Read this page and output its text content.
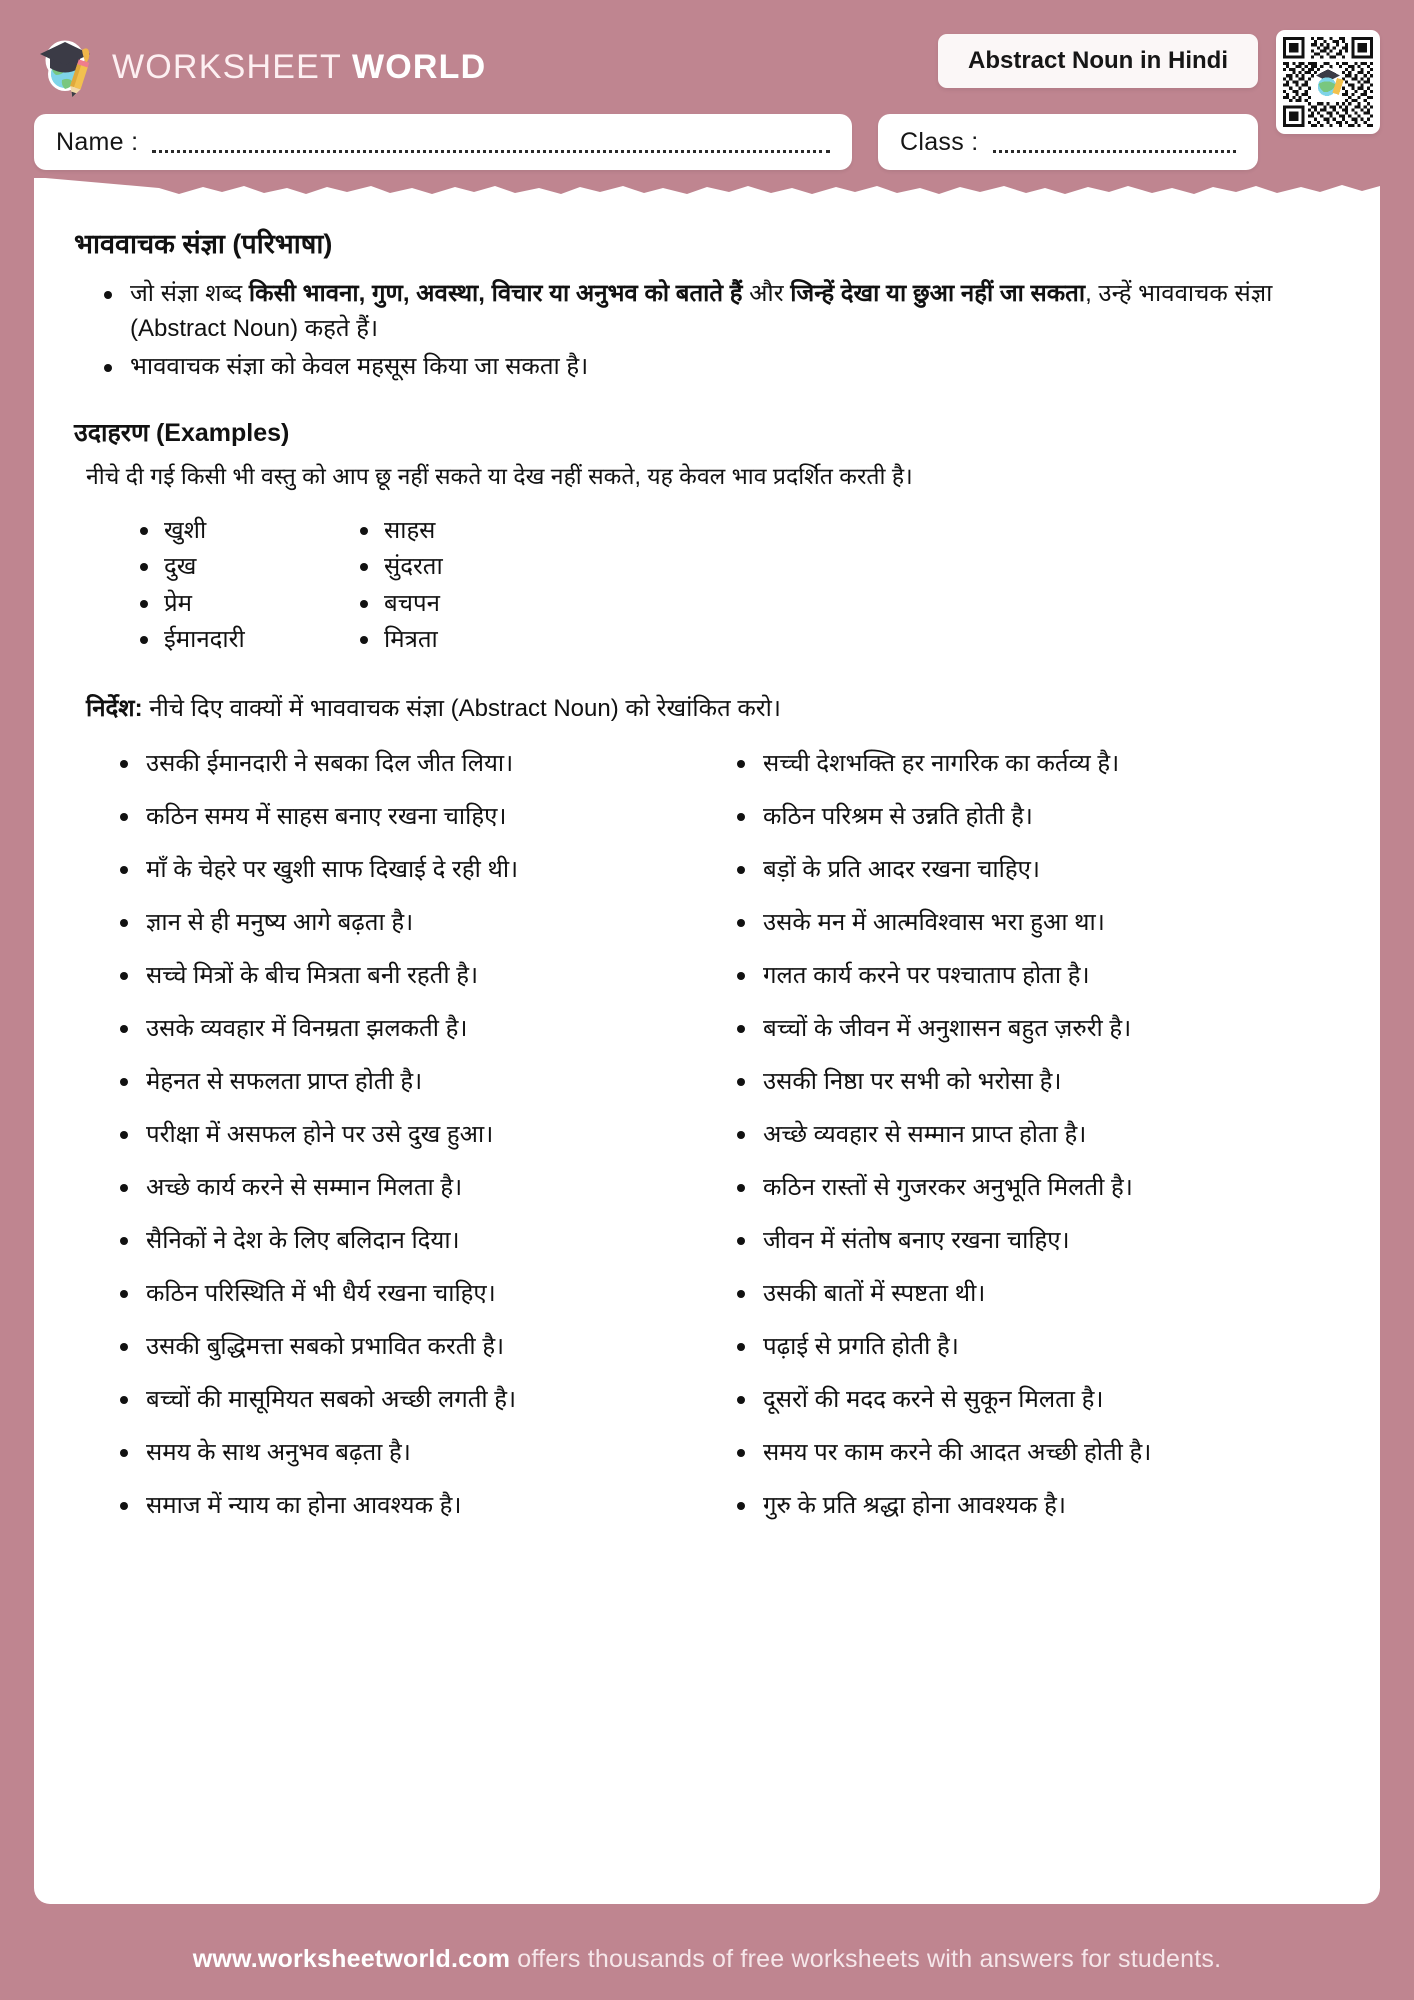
WORKSHEET WORLD	Abstract Noun in Hindi
Name :	Class :
भाववाचक संज्ञा (परिभाषा)
जो संज्ञा शब्द किसी भावना, गुण, अवस्था, विचार या अनुभव को बताते हैं और जिन्हें देखा या छुआ नहीं जा सकता, उन्हें भाववाचक संज्ञा (Abstract Noun) कहते हैं।
भाववाचक संज्ञा को केवल महसूस किया जा सकता है।
उदाहरण (Examples)
नीचे दी गई किसी भी वस्तु को आप छू नहीं सकते या देख नहीं सकते, यह केवल भाव प्रदर्शित करती है।
खुशी
दुख
प्रेम
ईमानदारी
साहस
सुंदरता
बचपन
मित्रता
निर्देश: नीचे दिए वाक्यों में भाववाचक संज्ञा (Abstract Noun) को रेखांकित करो।
उसकी ईमानदारी ने सबका दिल जीत लिया।
कठिन समय में साहस बनाए रखना चाहिए।
माँ के चेहरे पर खुशी साफ दिखाई दे रही थी।
ज्ञान से ही मनुष्य आगे बढ़ता है।
सच्चे मित्रों के बीच मित्रता बनी रहती है।
उसके व्यवहार में विनम्रता झलकती है।
मेहनत से सफलता प्राप्त होती है।
परीक्षा में असफल होने पर उसे दुख हुआ।
अच्छे कार्य करने से सम्मान मिलता है।
सैनिकों ने देश के लिए बलिदान दिया।
कठिन परिस्थिति में भी धैर्य रखना चाहिए।
उसकी बुद्धिमत्ता सबको प्रभावित करती है।
बच्चों की मासूमियत सबको अच्छी लगती है।
समय के साथ अनुभव बढ़ता है।
समाज में न्याय का होना आवश्यक है।
सच्ची देशभक्ति हर नागरिक का कर्तव्य है।
कठिन परिश्रम से उन्नति होती है।
बड़ों के प्रति आदर रखना चाहिए।
उसके मन में आत्मविश्वास भरा हुआ था।
गलत कार्य करने पर पश्चाताप होता है।
बच्चों के जीवन में अनुशासन बहुत ज़रुरी है।
उसकी निष्ठा पर सभी को भरोसा है।
अच्छे व्यवहार से सम्मान प्राप्त होता है।
कठिन रास्तों से गुजरकर अनुभूति मिलती है।
जीवन में संतोष बनाए रखना चाहिए।
उसकी बातों में स्पष्टता थी।
पढ़ाई से प्रगति होती है।
दूसरों की मदद करने से सुकून मिलता है।
समय पर काम करने की आदत अच्छी होती है।
गुरु के प्रति श्रद्धा होना आवश्यक है।
www.worksheetworld.com offers thousands of free worksheets with answers for students.
